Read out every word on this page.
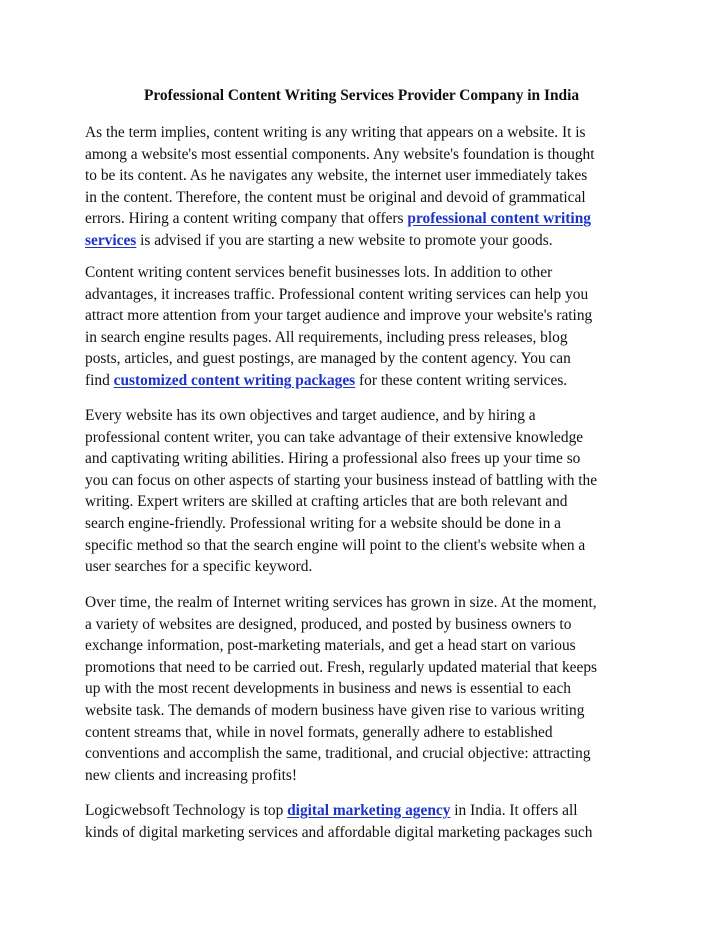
Professional Content Writing Services Provider Company in India

As the term implies, content writing is any writing that appears on a website. It is
among a website's most essential components. Any website's foundation is thought
to be its content. As he navigates any website, the internet user immediately takes
in the content. Therefore, the content must be original and devoid of grammatical
errors. Hiring a content writing company that offers professional content writing
services is advised if you are starting a new website to promote your goods.

Content writing content services benefit businesses lots. In addition to other
advantages, it increases traffic. Professional content writing services can help you
attract more attention from your target audience and improve your website's rating
in search engine results pages. All requirements, including press releases, blog
posts, articles, and guest postings, are managed by the content agency. You can
find customized content writing packages for these content writing services.

Every website has its own objectives and target audience, and by hiring a
professional content writer, you can take advantage of their extensive knowledge
and captivating writing abilities. Hiring a professional also frees up your time so
you can focus on other aspects of starting your business instead of battling with the
writing. Expert writers are skilled at crafting articles that are both relevant and
search engine-friendly. Professional writing for a website should be done in a
specific method so that the search engine will point to the client's website when a
user searches for a specific keyword.

Over time, the realm of Internet writing services has grown in size. At the moment,
a variety of websites are designed, produced, and posted by business owners to
exchange information, post-marketing materials, and get a head start on various
promotions that need to be carried out. Fresh, regularly updated material that keeps
up with the most recent developments in business and news is essential to each
website task. The demands of modern business have given rise to various writing
content streams that, while in novel formats, generally adhere to established
conventions and accomplish the same, traditional, and crucial objective: attracting
new clients and increasing profits!

Logicwebsoft Technology is top digital marketing agency in India. It offers all
kinds of digital marketing services and affordable digital marketing packages such
